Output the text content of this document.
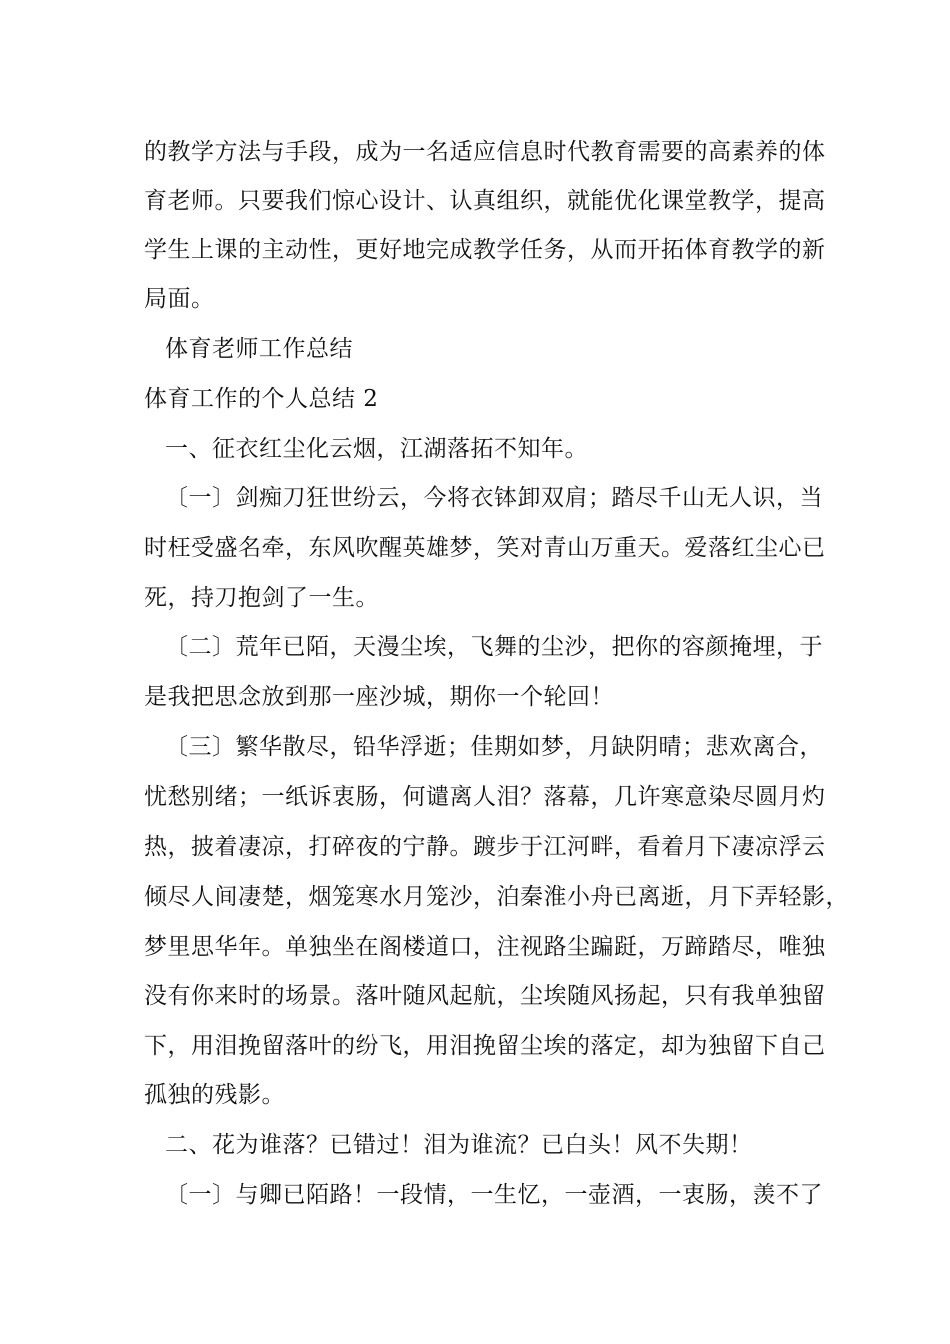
的教学方法与手段，成为一名适应信息时代教育需要的高素养的体
育老师。只要我们惊心设计、认真组织，就能优化课堂教学，提高
学生上课的主动性，更好地完成教学任务，从而开拓体育教学的新
局面。
体育老师工作总结
体育工作的个人总结 2
一、征衣红尘化云烟，江湖落拓不知年。
〔一〕剑痴刀狂世纷云，今将衣钵卸双肩；踏尽千山无人识，当
时枉受盛名牵，东风吹醒英雄梦，笑对青山万重天。爱落红尘心已
死，持刀抱剑了一生。
〔二〕荒年已陌，天漫尘埃，飞舞的尘沙，把你的容颜掩埋，于
是我把思念放到那一座沙城，期你一个轮回！
〔三〕繁华散尽，铅华浮逝；佳期如梦，月缺阴晴；悲欢离合，
忧愁别绪；一纸诉衷肠，何谴离人泪？落幕，几许寒意染尽圆月灼
热，披着凄凉，打碎夜的宁静。踱步于江河畔，看着月下凄凉浮云
倾尽人间凄楚，烟笼寒水月笼沙，泊秦淮小舟已离逝，月下弄轻影，
梦里思华年。单独坐在阁楼道口，注视路尘蹁跹，万蹄踏尽，唯独
没有你来时的场景。落叶随风起航，尘埃随风扬起，只有我单独留
下，用泪挽留落叶的纷飞，用泪挽留尘埃的落定，却为独留下自己
孤独的残影。
二、花为谁落？已错过！泪为谁流？已白头！风不失期！
〔一〕与卿已陌路！一段情，一生忆，一壶酒，一衷肠，羡不了
